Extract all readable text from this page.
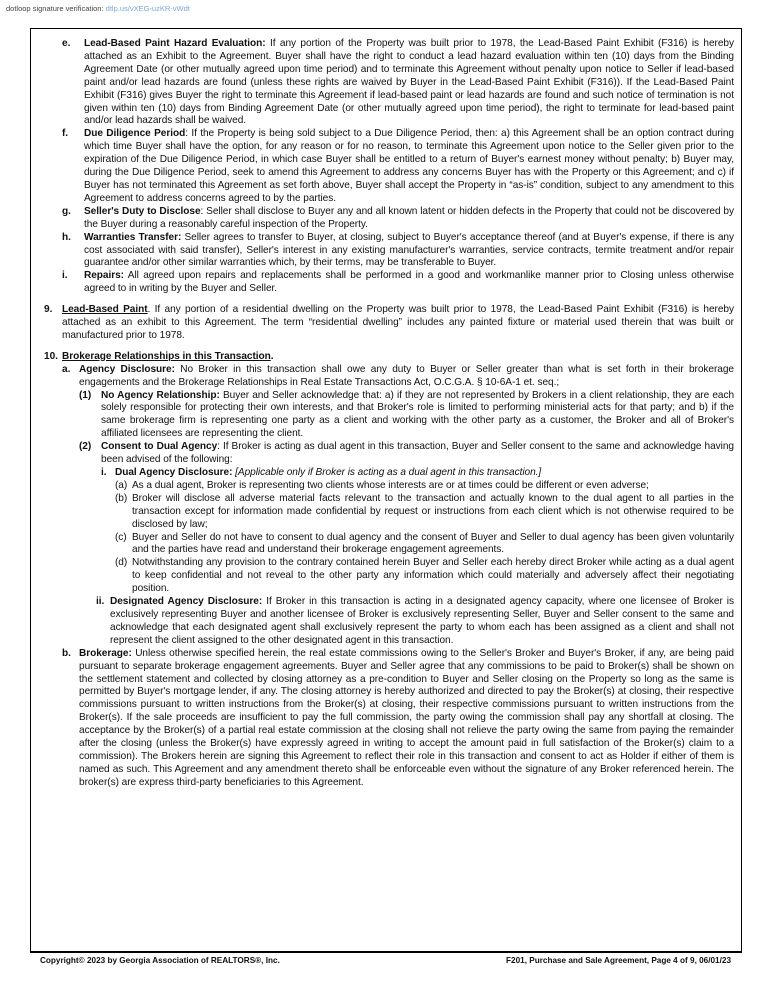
dotloop signature verification: dtlp.us/vXEG-uzKR-vWdt
e.	Lead-Based Paint Hazard Evaluation: If any portion of the Property was built prior to 1978, the Lead-Based Paint Exhibit (F316) is hereby attached as an Exhibit to the Agreement. Buyer shall have the right to conduct a lead hazard evaluation within ten (10) days from the Binding Agreement Date (or other mutually agreed upon time period) and to terminate this Agreement without penalty upon notice to Seller if lead-based paint and/or lead hazards are found (unless these rights are waived by Buyer in the Lead-Based Paint Exhibit (F316)). If the Lead-Based Paint Exhibit (F316) gives Buyer the right to terminate this Agreement if lead-based paint or lead hazards are found and such notice of termination is not given within ten (10) days from Binding Agreement Date (or other mutually agreed upon time period), the right to terminate for lead-based paint and/or lead hazards shall be waived.
f.	Due Diligence Period: If the Property is being sold subject to a Due Diligence Period, then: a) this Agreement shall be an option contract during which time Buyer shall have the option, for any reason or for no reason, to terminate this Agreement upon notice to the Seller given prior to the expiration of the Due Diligence Period, in which case Buyer shall be entitled to a return of Buyer's earnest money without penalty; b) Buyer may, during the Due Diligence Period, seek to amend this Agreement to address any concerns Buyer has with the Property or this Agreement; and c) if Buyer has not terminated this Agreement as set forth above, Buyer shall accept the Property in “as-is” condition, subject to any amendment to this Agreement to address concerns agreed to by the parties.
g.	Seller's Duty to Disclose: Seller shall disclose to Buyer any and all known latent or hidden defects in the Property that could not be discovered by the Buyer during a reasonably careful inspection of the Property.
h.	Warranties Transfer: Seller agrees to transfer to Buyer, at closing, subject to Buyer's acceptance thereof (and at Buyer's expense, if there is any cost associated with said transfer), Seller's interest in any existing manufacturer's warranties, service contracts, termite treatment and/or repair guarantee and/or other similar warranties which, by their terms, may be transferable to Buyer.
i.	Repairs: All agreed upon repairs and replacements shall be performed in a good and workmanlike manner prior to Closing unless otherwise agreed to in writing by the Buyer and Seller.
9. Lead-Based Paint. If any portion of a residential dwelling on the Property was built prior to 1978, the Lead-Based Paint Exhibit (F316) is hereby attached as an exhibit to this Agreement. The term “residential dwelling” includes any painted fixture or material used therein that was built or manufactured prior to 1978.
10. Brokerage Relationships in this Transaction.
a. Agency Disclosure: No Broker in this transaction shall owe any duty to Buyer or Seller greater than what is set forth in their brokerage engagements and the Brokerage Relationships in Real Estate Transactions Act, O.C.G.A. § 10-6A-1 et. seq.;
(1) No Agency Relationship: Buyer and Seller acknowledge that: a) if they are not represented by Brokers in a client relationship, they are each solely responsible for protecting their own interests, and that Broker's role is limited to performing ministerial acts for that party; and b) if the same brokerage firm is representing one party as a client and working with the other party as a customer, the Broker and all of Broker's affiliated licensees are representing the client.
(2) Consent to Dual Agency: If Broker is acting as dual agent in this transaction, Buyer and Seller consent to the same and acknowledge having been advised of the following:
i. Dual Agency Disclosure: [Applicable only if Broker is acting as a dual agent in this transaction.]
(a) As a dual agent, Broker is representing two clients whose interests are or at times could be different or even adverse;
(b) Broker will disclose all adverse material facts relevant to the transaction and actually known to the dual agent to all parties in the transaction except for information made confidential by request or instructions from each client which is not otherwise required to be disclosed by law;
(c) Buyer and Seller do not have to consent to dual agency and the consent of Buyer and Seller to dual agency has been given voluntarily and the parties have read and understand their brokerage engagement agreements.
(d) Notwithstanding any provision to the contrary contained herein Buyer and Seller each hereby direct Broker while acting as a dual agent to keep confidential and not reveal to the other party any information which could materially and adversely affect their negotiating position.
ii. Designated Agency Disclosure: If Broker in this transaction is acting in a designated agency capacity, where one licensee of Broker is exclusively representing Buyer and another licensee of Broker is exclusively representing Seller, Buyer and Seller consent to the same and acknowledge that each designated agent shall exclusively represent the party to whom each has been assigned as a client and shall not represent the client assigned to the other designated agent in this transaction.
b. Brokerage: Unless otherwise specified herein, the real estate commissions owing to the Seller's Broker and Buyer's Broker, if any, are being paid pursuant to separate brokerage engagement agreements. Buyer and Seller agree that any commissions to be paid to Broker(s) shall be shown on the settlement statement and collected by closing attorney as a pre-condition to Buyer and Seller closing on the Property so long as the same is permitted by Buyer's mortgage lender, if any. The closing attorney is hereby authorized and directed to pay the Broker(s) at closing, their respective commissions pursuant to written instructions from the Broker(s) at closing, their respective commissions pursuant to written instructions from the Broker(s). If the sale proceeds are insufficient to pay the full commission, the party owing the commission shall pay any shortfall at closing. The acceptance by the Broker(s) of a partial real estate commission at the closing shall not relieve the party owing the same from paying the remainder after the closing (unless the Broker(s) have expressly agreed in writing to accept the amount paid in full satisfaction of the Broker(s) claim to a commission). The Brokers herein are signing this Agreement to reflect their role in this transaction and consent to act as Holder if either of them is named as such. This Agreement and any amendment thereto shall be enforceable even without the signature of any Broker referenced herein. The broker(s) are express third-party beneficiaries to this Agreement.
Copyright© 2023 by Georgia Association of REALTORS®, Inc.	F201, Purchase and Sale Agreement, Page 4 of 9, 06/01/23
